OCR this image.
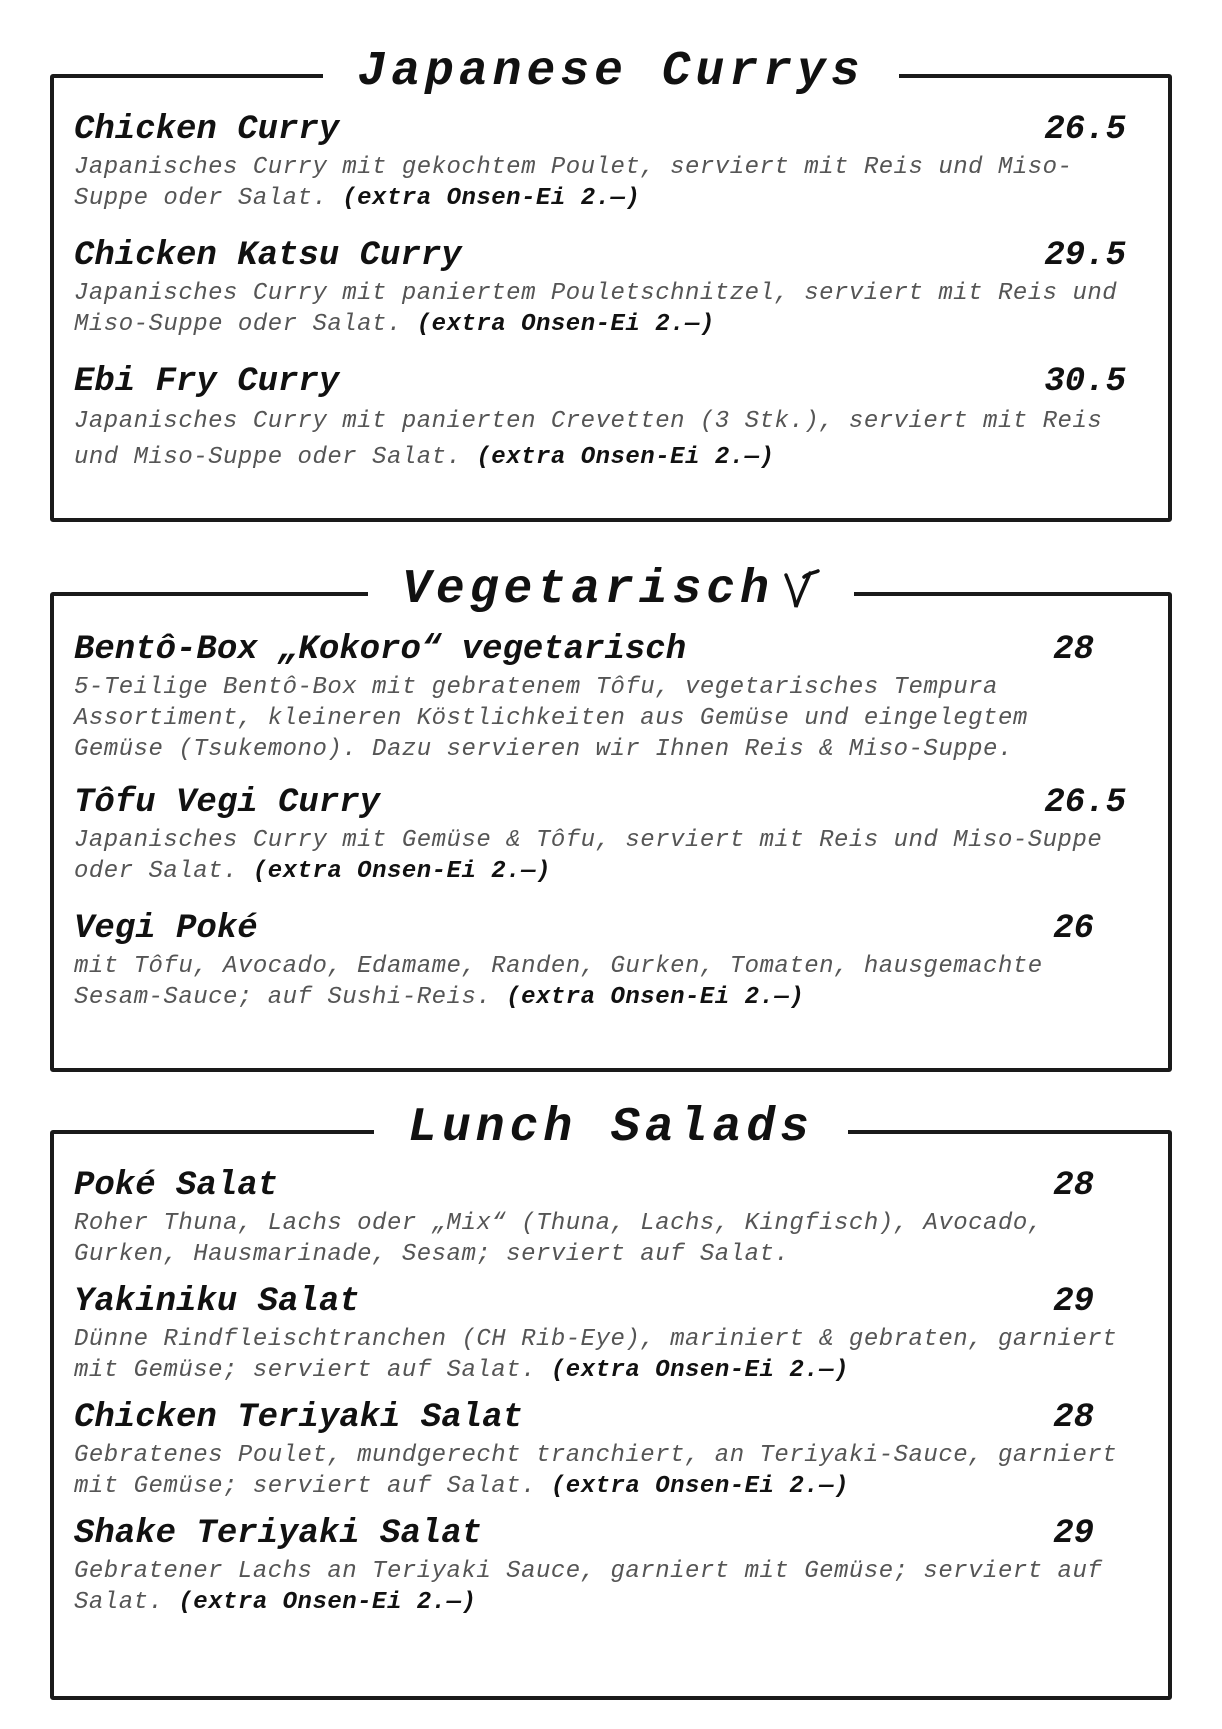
Japanese Currys
Chicken Curry	26.5
Japanisches Curry mit gekochtem Poulet, serviert mit Reis und Miso-Suppe oder Salat. (extra Onsen-Ei 2.—)
Chicken Katsu Curry	29.5
Japanisches Curry mit paniertem Pouletschnitzel, serviert mit Reis und Miso-Suppe oder Salat. (extra Onsen-Ei 2.—)
Ebi Fry Curry	30.5
Japanisches Curry mit panierten Crevetten (3 Stk.), serviert mit Reis und Miso-Suppe oder Salat. (extra Onsen-Ei 2.—)
Vegetarisch
Bentô-Box „Kokoro“ vegetarisch	28
5-Teilige Bentô-Box mit gebratenem Tôfu, vegetarisches Tempura Assortiment, kleineren Köstlichkeiten aus Gemüse und eingelegtem Gemüse (Tsukemono). Dazu servieren wir Ihnen Reis & Miso-Suppe.
Tôfu Vegi Curry	26.5
Japanisches Curry mit Gemüse & Tôfu, serviert mit Reis und Miso-Suppe oder Salat. (extra Onsen-Ei 2.—)
Vegi Poké	26
mit Tôfu, Avocado, Edamame, Randen, Gurken, Tomaten, hausgemachte Sesam-Sauce; auf Sushi-Reis. (extra Onsen-Ei 2.—)
Lunch Salads
Poké Salat	28
Roher Thuna, Lachs oder „Mix“ (Thuna, Lachs, Kingfisch), Avocado, Gurken, Hausmarinade, Sesam; serviert auf Salat.
Yakiniku Salat	29
Dünne Rindfleischtranchen (CH Rib-Eye), mariniert & gebraten, garniert mit Gemüse; serviert auf Salat. (extra Onsen-Ei 2.—)
Chicken Teriyaki Salat	28
Gebratenes Poulet, mundgerecht tranchiert, an Teriyaki-Sauce, garniert mit Gemüse; serviert auf Salat. (extra Onsen-Ei 2.—)
Shake Teriyaki Salat	29
Gebratener Lachs an Teriyaki Sauce, garniert mit Gemüse; serviert auf Salat. (extra Onsen-Ei 2.—)
